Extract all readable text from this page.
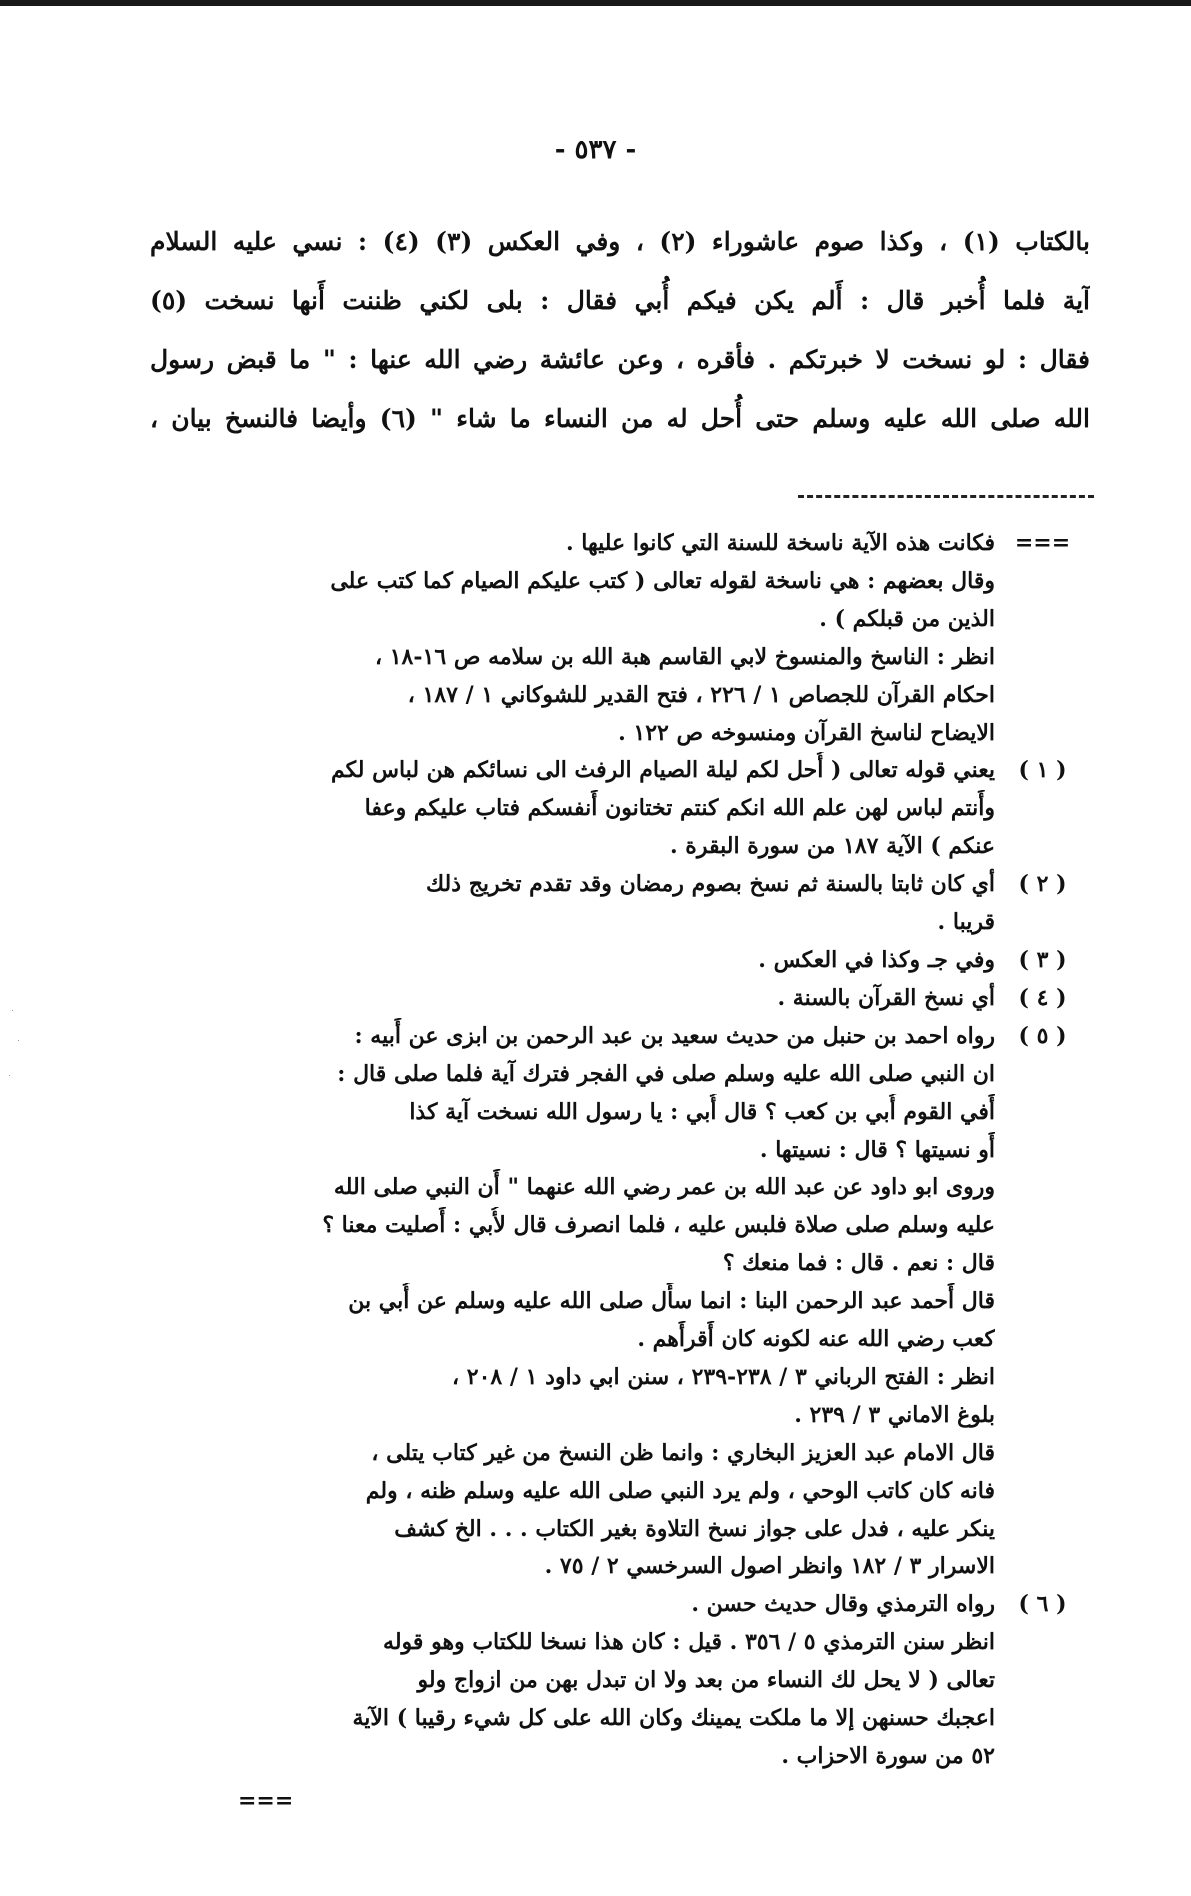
- ٥٣٧ -

بالكتاب (١) ، وكذا صوم عاشوراء (٢) ، وفي العكس (٣) (٤) : نسي عليه السلام

آية فلما أُخبر قال : أَلم يكن فيكم أُبي فقال : بلى لكني ظننت أَنها نسخت (٥)

فقال : لو نسخت لا خبرتكم . فأقره ، وعن عائشة رضي الله عنها : " ما قبض رسول

الله صلى الله عليه وسلم حتى أُحل له من النساء ما شاء " (٦) وأيضا فالنسخ بيان ،

===

فكانت هذه الآية ناسخة للسنة التي كانوا عليها .

وقال بعضهم : هي ناسخة لقوله تعالى ( كتب عليكم الصيام كما كتب على

الذين من قبلكم ) .

انظر : الناسخ والمنسوخ لابي القاسم هبة الله بن سلامه ص ١٦-١٨ ،

احكام القرآن للجصاص ١ / ٢٢٦ ، فتح القدير للشوكاني ١ / ١٨٧ ،

الايضاح لناسخ القرآن ومنسوخه ص ١٢٢ .

( ١ )

يعني قوله تعالى ( أُحل لكم ليلة الصيام الرفث الى نسائكم هن لباس لكم

وأَنتم لباس لهن علم الله انكم كنتم تختانون أَنفسكم فتاب عليكم وعفا

عنكم ) الآية ١٨٧ من سورة البقرة .

( ٢ )

أي كان ثابتا بالسنة ثم نسخ بصوم رمضان وقد تقدم تخريج ذلك

قريبا .

( ٣ )

وفي جـ وكذا في العكس .

( ٤ )

أي نسخ القرآن بالسنة .

( ٥ )

رواه احمد بن حنبل من حديث سعيد بن عبد الرحمن بن ابزى عن أَبيه :

ان النبي صلى الله عليه وسلم صلى في الفجر فترك آية فلما صلى قال :

أَفي القوم أُبي بن كعب ؟ قال أُبي : يا رسول الله نسخت آية كذا

أَو نسيتها ؟ قال : نسيتها .

وروى ابو داود عن عبد الله بن عمر رضي الله عنهما " أَن النبي صلى الله

عليه وسلم صلى صلاة فلبس عليه ، فلما انصرف قال لأُبي : أَصليت معنا ؟

قال : نعم . قال : فما منعك ؟

قال أَحمد عبد الرحمن البنا : انما سأَل صلى الله عليه وسلم عن أُبي بن

كعب رضي الله عنه لكونه كان أَقرأَهم .

انظر : الفتح الرباني ٣ / ٢٣٨-٢٣٩ ، سنن ابي داود ١ / ٢٠٨ ،

بلوغ الاماني ٣ / ٢٣٩ .

قال الامام عبد العزيز البخاري : وانما ظن النسخ من غير كتاب يتلى ،

فانه كان كاتب الوحي ، ولم يرد النبي صلى الله عليه وسلم ظنه ، ولم

ينكر عليه ، فدل على جواز نسخ التلاوة بغير الكتاب . . . الخ كشف

الاسرار ٣ / ١٨٢ وانظر اصول السرخسي ٢ / ٧٥ .

( ٦ )

رواه الترمذي وقال حديث حسن .

انظر سنن الترمذي ٥ / ٣٥٦ . قيل : كان هذا نسخا للكتاب وهو قوله

تعالى ( لا يحل لك النساء من بعد ولا ان تبدل بهن من ازواج ولو

اعجبك حسنهن إلا ما ملكت يمينك وكان الله على كل شيء رقيبا ) الآية

٥٢ من سورة الاحزاب .

===
